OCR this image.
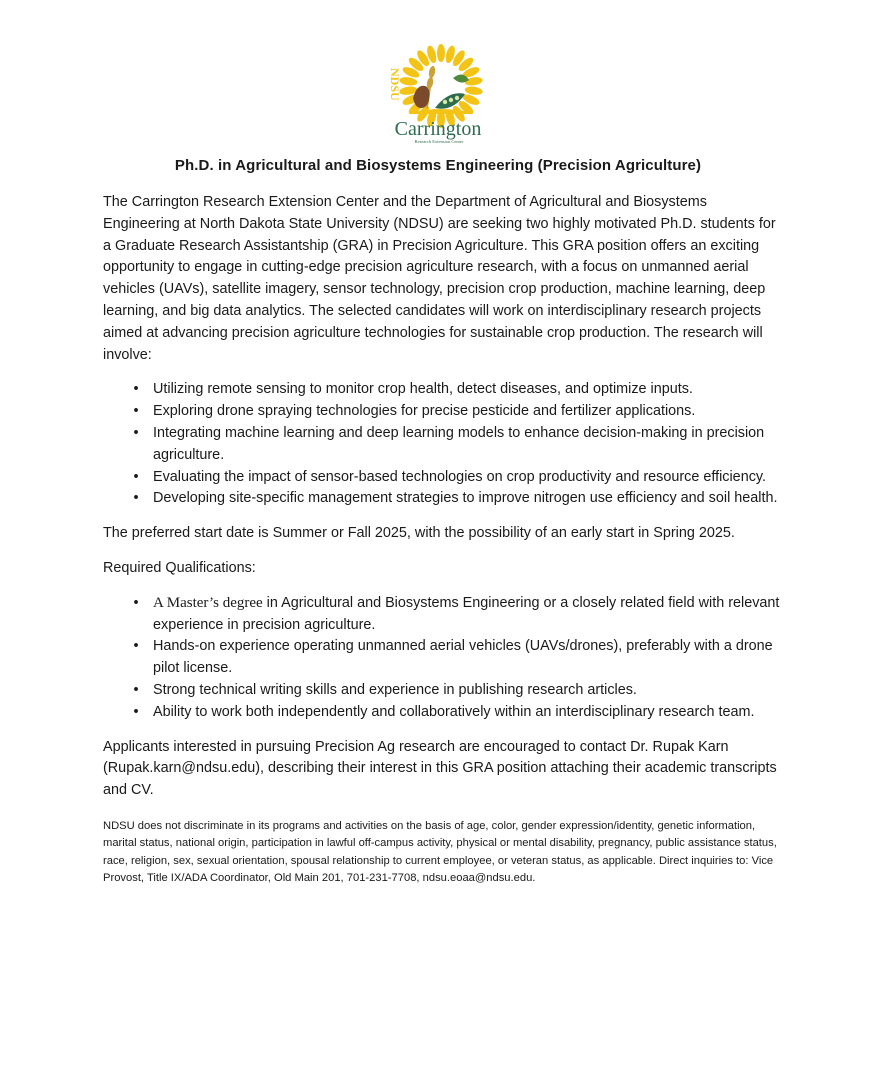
NDSU
Carrington
Research Extension Center
Ph.D. in Agricultural and Biosystems Engineering (Precision Agriculture)

The Carrington Research Extension Center and the Department of Agricultural and Biosystems Engineering at North Dakota State University (NDSU) are seeking two highly motivated Ph.D. students for a Graduate Research Assistantship (GRA) in Precision Agriculture. This GRA position offers an exciting opportunity to engage in cutting-edge precision agriculture research, with a focus on unmanned aerial vehicles (UAVs), satellite imagery, sensor technology, precision crop production, machine learning, deep learning, and big data analytics. The selected candidates will work on interdisciplinary research projects aimed at advancing precision agriculture technologies for sustainable crop production. The research will involve:

•	Utilizing remote sensing to monitor crop health, detect diseases, and optimize inputs.
•	Exploring drone spraying technologies for precise pesticide and fertilizer applications.
•	Integrating machine learning and deep learning models to enhance decision-making in precision agriculture.
•	Evaluating the impact of sensor-based technologies on crop productivity and resource efficiency.
•	Developing site-specific management strategies to improve nitrogen use efficiency and soil health.

The preferred start date is Summer or Fall 2025, with the possibility of an early start in Spring 2025.

Required Qualifications:

• A Master’s degree in Agricultural and Biosystems Engineering or a closely related field with relevant experience in precision agriculture.
•	Hands-on experience operating unmanned aerial vehicles (UAVs/drones), preferably with a drone pilot license.
•	Strong technical writing skills and experience in publishing research articles.
•	Ability to work both independently and collaboratively within an interdisciplinary research team.

Applicants interested in pursuing Precision Ag research are encouraged to contact Dr. Rupak Karn (Rupak.karn@ndsu.edu), describing their interest in this GRA position attaching their academic transcripts and CV.

NDSU does not discriminate in its programs and activities on the basis of age, color, gender expression/identity, genetic information, marital status, national origin, participation in lawful off-campus activity, physical or mental disability, pregnancy, public assistance status, race, religion, sex, sexual orientation, spousal relationship to current employee, or veteran status, as applicable. Direct inquiries to: Vice Provost, Title IX/ADA Coordinator, Old Main 201, 701-231-7708, ndsu.eoaa@ndsu.edu.
